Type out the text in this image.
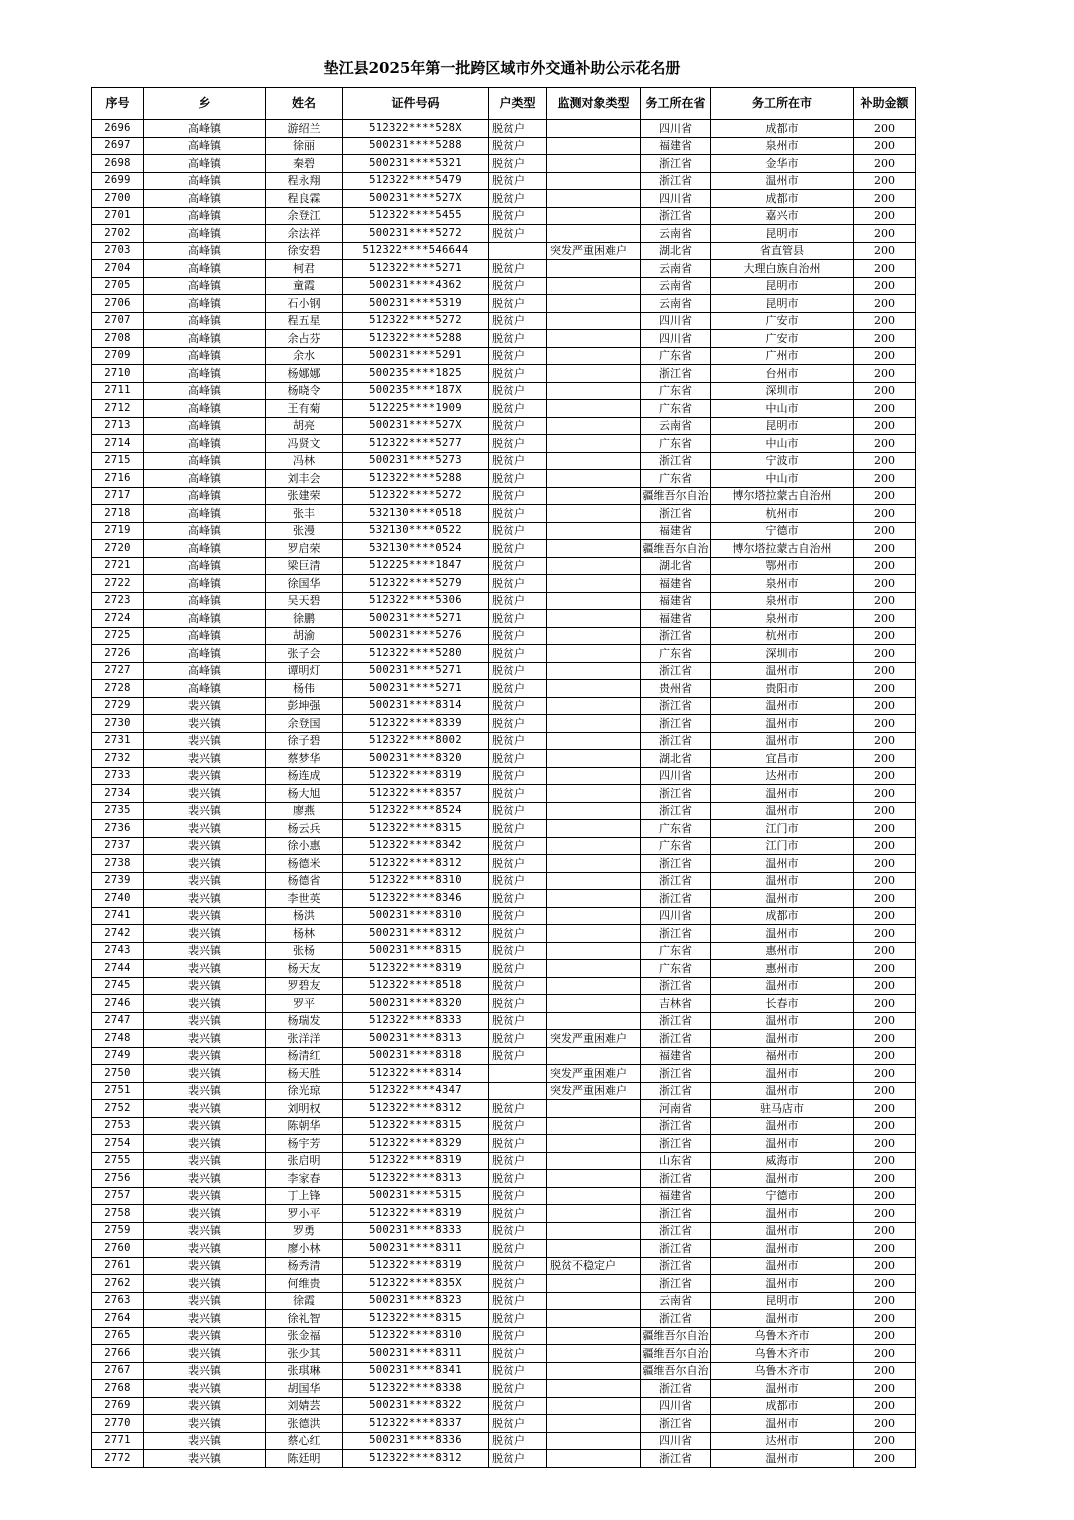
垫江县2025年第一批跨区域市外交通补助公示花名册
序号	乡	姓名	证件号码	户类型	监测对象类型	务工所在省	务工所在市	补助金额
2696	高峰镇	游绍兰	512322****528X	脱贫户		四川省	成都市	200
2697	高峰镇	徐丽	500231****5288	脱贫户		福建省	泉州市	200
2698	高峰镇	秦碧	500231****5321	脱贫户		浙江省	金华市	200
2699	高峰镇	程永翔	512322****5479	脱贫户		浙江省	温州市	200
2700	高峰镇	程良霖	500231****527X	脱贫户		四川省	成都市	200
2701	高峰镇	余登江	512322****5455	脱贫户		浙江省	嘉兴市	200
2702	高峰镇	余法祥	500231****5272	脱贫户		云南省	昆明市	200
2703	高峰镇	徐安碧	512322****546644		突发严重困难户	湖北省	省直管县	200
2704	高峰镇	柯君	512322****5271	脱贫户		云南省	大理白族自治州	200
2705	高峰镇	童霞	500231****4362	脱贫户		云南省	昆明市	200
2706	高峰镇	石小钢	500231****5319	脱贫户		云南省	昆明市	200
2707	高峰镇	程五星	512322****5272	脱贫户		四川省	广安市	200
2708	高峰镇	余占芬	512322****5288	脱贫户		四川省	广安市	200
2709	高峰镇	余水	500231****5291	脱贫户		广东省	广州市	200
2710	高峰镇	杨娜娜	500235****1825	脱贫户		浙江省	台州市	200
2711	高峰镇	杨晓令	500235****187X	脱贫户		广东省	深圳市	200
2712	高峰镇	王有菊	512225****1909	脱贫户		广东省	中山市	200
2713	高峰镇	胡亮	500231****527X	脱贫户		云南省	昆明市	200
2714	高峰镇	冯贤文	512322****5277	脱贫户		广东省	中山市	200
2715	高峰镇	冯林	500231****5273	脱贫户		浙江省	宁波市	200
2716	高峰镇	刘丰会	512322****5288	脱贫户		广东省	中山市	200
2717	高峰镇	张建荣	512322****5272	脱贫户		疆维吾尔自治	博尔塔拉蒙古自治州	200
2718	高峰镇	张丰	532130****0518	脱贫户		浙江省	杭州市	200
2719	高峰镇	张漫	532130****0522	脱贫户		福建省	宁德市	200
2720	高峰镇	罗启荣	532130****0524	脱贫户		疆维吾尔自治	博尔塔拉蒙古自治州	200
2721	高峰镇	梁巨清	512225****1847	脱贫户		湖北省	鄂州市	200
2722	高峰镇	徐国华	512322****5279	脱贫户		福建省	泉州市	200
2723	高峰镇	吴天碧	512322****5306	脱贫户		福建省	泉州市	200
2724	高峰镇	徐鹏	500231****5271	脱贫户		福建省	泉州市	200
2725	高峰镇	胡渝	500231****5276	脱贫户		浙江省	杭州市	200
2726	高峰镇	张子会	512322****5280	脱贫户		广东省	深圳市	200
2727	高峰镇	谭明灯	500231****5271	脱贫户		浙江省	温州市	200
2728	高峰镇	杨伟	500231****5271	脱贫户		贵州省	贵阳市	200
2729	裴兴镇	彭坤强	500231****8314	脱贫户		浙江省	温州市	200
2730	裴兴镇	余登国	512322****8339	脱贫户		浙江省	温州市	200
2731	裴兴镇	徐子碧	512322****8002	脱贫户		浙江省	温州市	200
2732	裴兴镇	蔡梦华	500231****8320	脱贫户		湖北省	宜昌市	200
2733	裴兴镇	杨连成	512322****8319	脱贫户		四川省	达州市	200
2734	裴兴镇	杨大旭	512322****8357	脱贫户		浙江省	温州市	200
2735	裴兴镇	廖燕	512322****8524	脱贫户		浙江省	温州市	200
2736	裴兴镇	杨云兵	512322****8315	脱贫户		广东省	江门市	200
2737	裴兴镇	徐小惠	512322****8342	脱贫户		广东省	江门市	200
2738	裴兴镇	杨德米	512322****8312	脱贫户		浙江省	温州市	200
2739	裴兴镇	杨德省	512322****8310	脱贫户		浙江省	温州市	200
2740	裴兴镇	李世英	512322****8346	脱贫户		浙江省	温州市	200
2741	裴兴镇	杨洪	500231****8310	脱贫户		四川省	成都市	200
2742	裴兴镇	杨林	500231****8312	脱贫户		浙江省	温州市	200
2743	裴兴镇	张杨	500231****8315	脱贫户		广东省	惠州市	200
2744	裴兴镇	杨天友	512322****8319	脱贫户		广东省	惠州市	200
2745	裴兴镇	罗碧友	512322****8518	脱贫户		浙江省	温州市	200
2746	裴兴镇	罗平	500231****8320	脱贫户		吉林省	长春市	200
2747	裴兴镇	杨瑞发	512322****8333	脱贫户		浙江省	温州市	200
2748	裴兴镇	张洋洋	500231****8313	脱贫户	突发严重困难户	浙江省	温州市	200
2749	裴兴镇	杨清红	500231****8318	脱贫户		福建省	福州市	200
2750	裴兴镇	杨天胜	512322****8314		突发严重困难户	浙江省	温州市	200
2751	裴兴镇	徐光琼	512322****4347		突发严重困难户	浙江省	温州市	200
2752	裴兴镇	刘明权	512322****8312	脱贫户		河南省	驻马店市	200
2753	裴兴镇	陈朝华	512322****8315	脱贫户		浙江省	温州市	200
2754	裴兴镇	杨宇芳	512322****8329	脱贫户		浙江省	温州市	200
2755	裴兴镇	张启明	512322****8319	脱贫户		山东省	威海市	200
2756	裴兴镇	李家春	512322****8313	脱贫户		浙江省	温州市	200
2757	裴兴镇	丁上锋	500231****5315	脱贫户		福建省	宁德市	200
2758	裴兴镇	罗小平	512322****8319	脱贫户		浙江省	温州市	200
2759	裴兴镇	罗勇	500231****8333	脱贫户		浙江省	温州市	200
2760	裴兴镇	廖小林	500231****8311	脱贫户		浙江省	温州市	200
2761	裴兴镇	杨秀清	512322****8319	脱贫户	脱贫不稳定户	浙江省	温州市	200
2762	裴兴镇	何维贵	512322****835X	脱贫户		浙江省	温州市	200
2763	裴兴镇	徐霞	500231****8323	脱贫户		云南省	昆明市	200
2764	裴兴镇	徐礼智	512322****8315	脱贫户		浙江省	温州市	200
2765	裴兴镇	张金福	512322****8310	脱贫户		疆维吾尔自治	乌鲁木齐市	200
2766	裴兴镇	张少其	500231****8311	脱贫户		疆维吾尔自治	乌鲁木齐市	200
2767	裴兴镇	张琪琳	500231****8341	脱贫户		疆维吾尔自治	乌鲁木齐市	200
2768	裴兴镇	胡国华	512322****8338	脱贫户		浙江省	温州市	200
2769	裴兴镇	刘婧芸	500231****8322	脱贫户		四川省	成都市	200
2770	裴兴镇	张德洪	512322****8337	脱贫户		浙江省	温州市	200
2771	裴兴镇	蔡心红	500231****8336	脱贫户		四川省	达州市	200
2772	裴兴镇	陈廷明	512322****8312	脱贫户		浙江省	温州市	200
